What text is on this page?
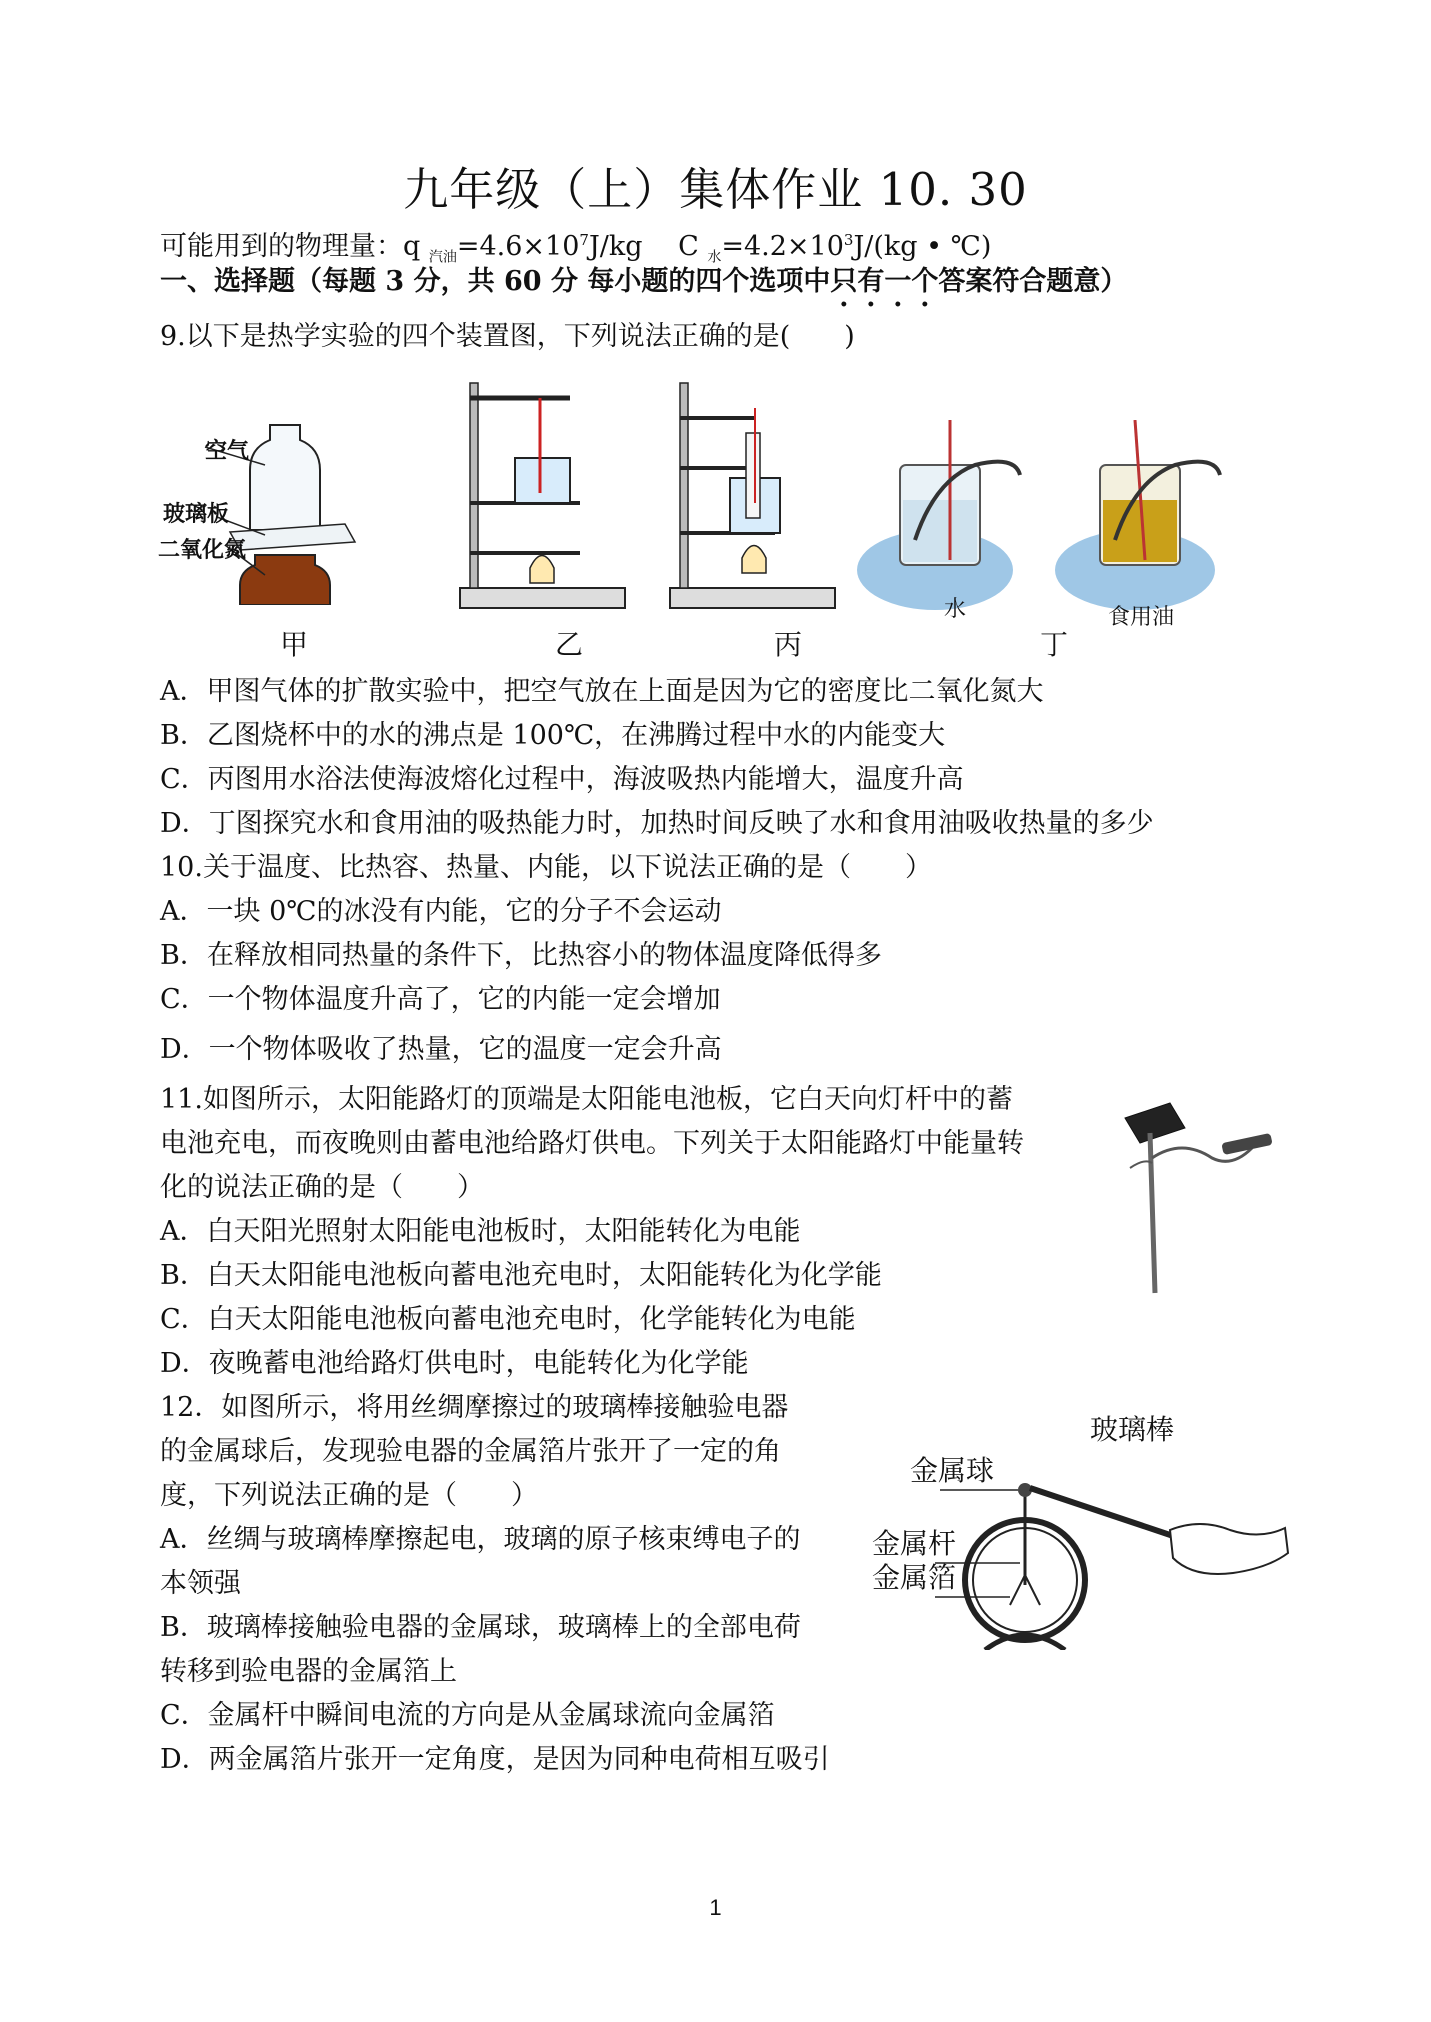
九年级（上）集体作业 10. 30
可能用到的物理量：q $_{汽油}=4.6\times 10^7J/kg$　 C $_水=4.2\times 10^3J/(kg$ • ℃)
一、选择题（每题 3 分，共 60 分 每小题的四个选项中只有一个答案符合题意）
9.以下是热学实验的四个装置图，下列说法正确的是(　　)
空气
玻璃板
二氧化氮
水	食用油
甲	乙	丙	丁
A．甲图气体的扩散实验中，把空气放在上面是因为它的密度比二氧化氮大
B．乙图烧杯中的水的沸点是 100℃，在沸腾过程中水的内能变大
C．丙图用水浴法使海波熔化过程中，海波吸热内能增大，温度升高
D．丁图探究水和食用油的吸热能力时，加热时间反映了水和食用油吸收热量的多少
10.关于温度、比热容、热量、内能，以下说法正确的是（　　）
A．一块 0℃的冰没有内能，它的分子不会运动
B．在释放相同热量的条件下，比热容小的物体温度降低得多
C．一个物体温度升高了，它的内能一定会增加
D．一个物体吸收了热量，它的温度一定会升高
11.如图所示，太阳能路灯的顶端是太阳能电池板，它白天向灯杆中的蓄
电池充电，而夜晚则由蓄电池给路灯供电。下列关于太阳能路灯中能量转
化的说法正确的是（　　）
A．白天阳光照射太阳能电池板时，太阳能转化为电能
B．白天太阳能电池板向蓄电池充电时，太阳能转化为化学能
C．白天太阳能电池板向蓄电池充电时，化学能转化为电能
D．夜晚蓄电池给路灯供电时，电能转化为化学能
12．如图所示，将用丝绸摩擦过的玻璃棒接触验电器
的金属球后，发现验电器的金属箔片张开了一定的角
度，下列说法正确的是（　　）
A．丝绸与玻璃棒摩擦起电，玻璃的原子核束缚电子的
本领强
B．玻璃棒接触验电器的金属球，玻璃棒上的全部电荷
转移到验电器的金属箔上
C．金属杆中瞬间电流的方向是从金属球流向金属箔
D．两金属箔片张开一定角度，是因为同种电荷相互吸引
玻璃棒
金属球
金属杆
金属箔
1
